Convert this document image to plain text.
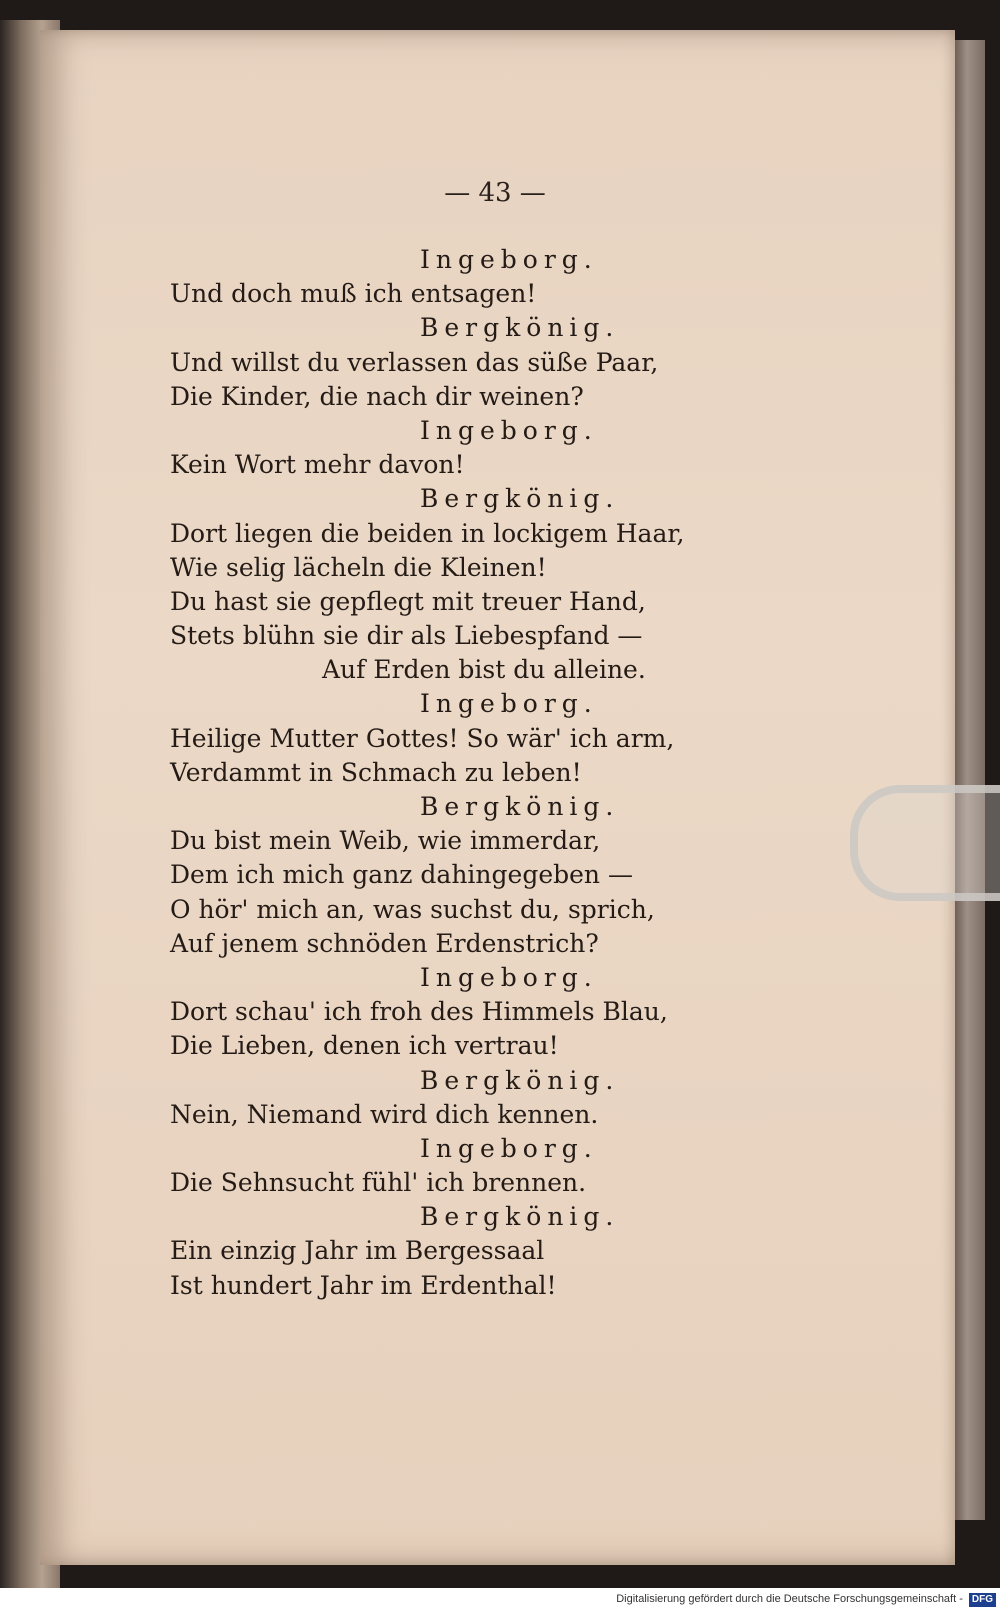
— 43 —
Ingeborg.
Und doch muß ich entsagen!
Bergkönig.
Und willst du verlassen das süße Paar,
Die Kinder, die nach dir weinen?
Ingeborg.
Kein Wort mehr davon!
Bergkönig.
Dort liegen die beiden in lockigem Haar,
Wie selig lächeln die Kleinen!
Du hast sie gepflegt mit treuer Hand,
Stets blühn sie dir als Liebespfand —
Auf Erden bist du alleine.
Ingeborg.
Heilige Mutter Gottes! So wär' ich arm,
Verdammt in Schmach zu leben!
Bergkönig.
Du bist mein Weib, wie immerdar,
Dem ich mich ganz dahingegeben —
O hör' mich an, was suchst du, sprich,
Auf jenem schnöden Erdenstrich?
Ingeborg.
Dort schau' ich froh des Himmels Blau,
Die Lieben, denen ich vertrau!
Bergkönig.
Nein, Niemand wird dich kennen.
Ingeborg.
Die Sehnsucht fühl' ich brennen.
Bergkönig.
Ein einzig Jahr im Bergessaal
Ist hundert Jahr im Erdenthal!
Digitalisierung gefördert durch die Deutsche Forschungsgemeinschaft - DFG
